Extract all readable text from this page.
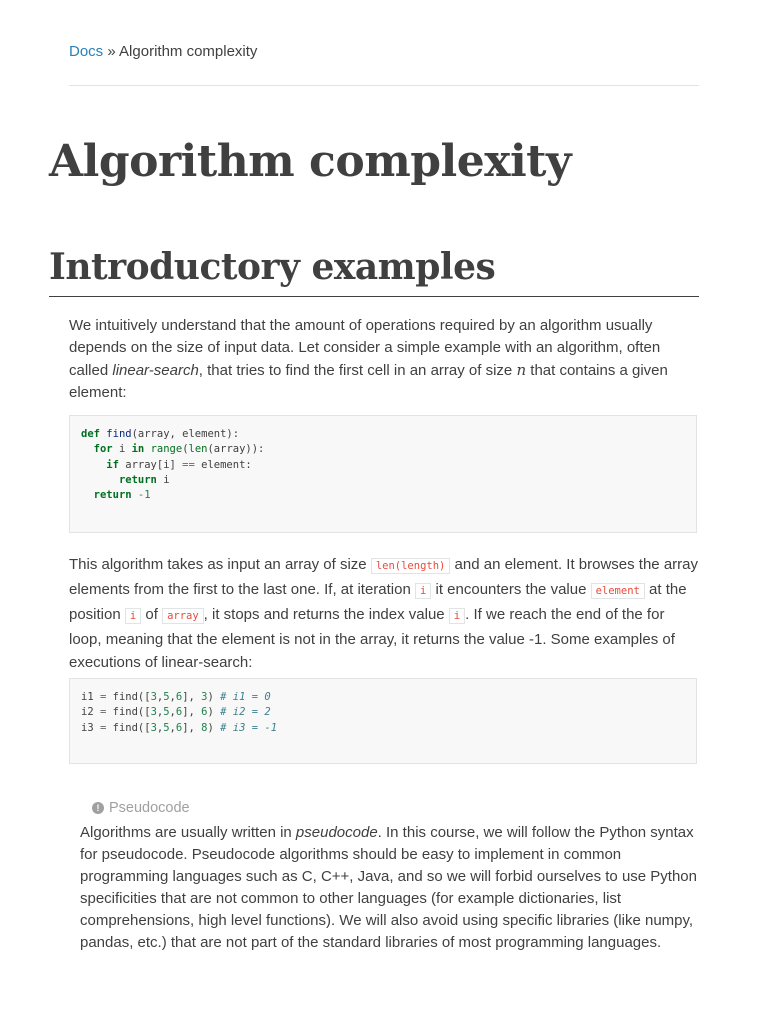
Docs » Algorithm complexity
Algorithm complexity
Introductory examples

We intuitively understand that the amount of operations required by an algorithm usually depends on the size of input data. Let consider a simple example with an algorithm, often called linear-search, that tries to find the first cell in an array of size n that contains a given element:

def find(array, element):
for i in range(len(array)):
if array[i] == element:
return i
return -1

This algorithm takes as input an array of size len(length) and an element. It browses the array elements from the first to the last one. If, at iteration i it encounters the value element at the position i of array , it stops and returns the index value i . If we reach the end of the for loop, meaning that the element is not in the array, it returns the value -1. Some examples of executions of linear-search:

i1 = find([3,5,6], 3) # i1 = 0
i2 = find([3,5,6], 6) # i2 = 2
i3 = find([3,5,6], 8) # i3 = -1
! Pseudocode

Algorithms are usually written in pseudocode. In this course, we will follow the Python syntax for pseudocode. Pseudocode algorithms should be easy to implement in common programming languages such as C, C++, Java, and so we will forbid ourselves to use Python specificities that are not common to other languages (for example dictionaries, list comprehensions, high level functions). We will also avoid using specific libraries (like numpy, pandas, etc.) that are not part of the standard libraries of most programming languages.
